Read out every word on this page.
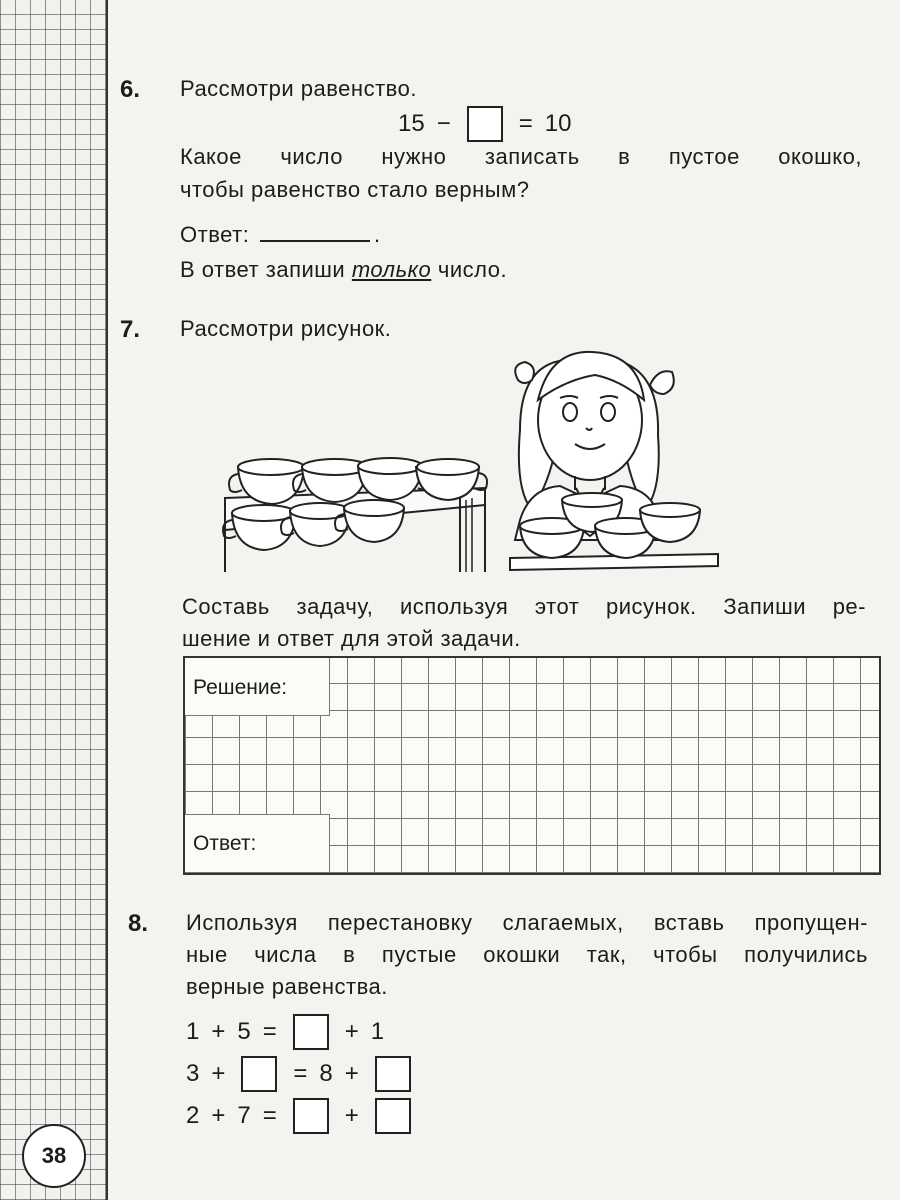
6. Рассмотри равенство.
15 −	= 10
Какое число нужно записать в пустое окошко,
чтобы равенство стало верным?
Ответ:	.
В ответ запиши только число.
7. Рассмотри рисунок.
Составь задачу, используя этот рисунок. Запиши ре-
шение и ответ для этой задачи.
Решение:
Ответ:
8. Используя перестановку слагаемых, вставь пропущен-
ные числа в пустые окошки так, чтобы получились
верные равенства.
1 + 5 =	+ 1
3 +	= 8 +
2 + 7 =	+
38
